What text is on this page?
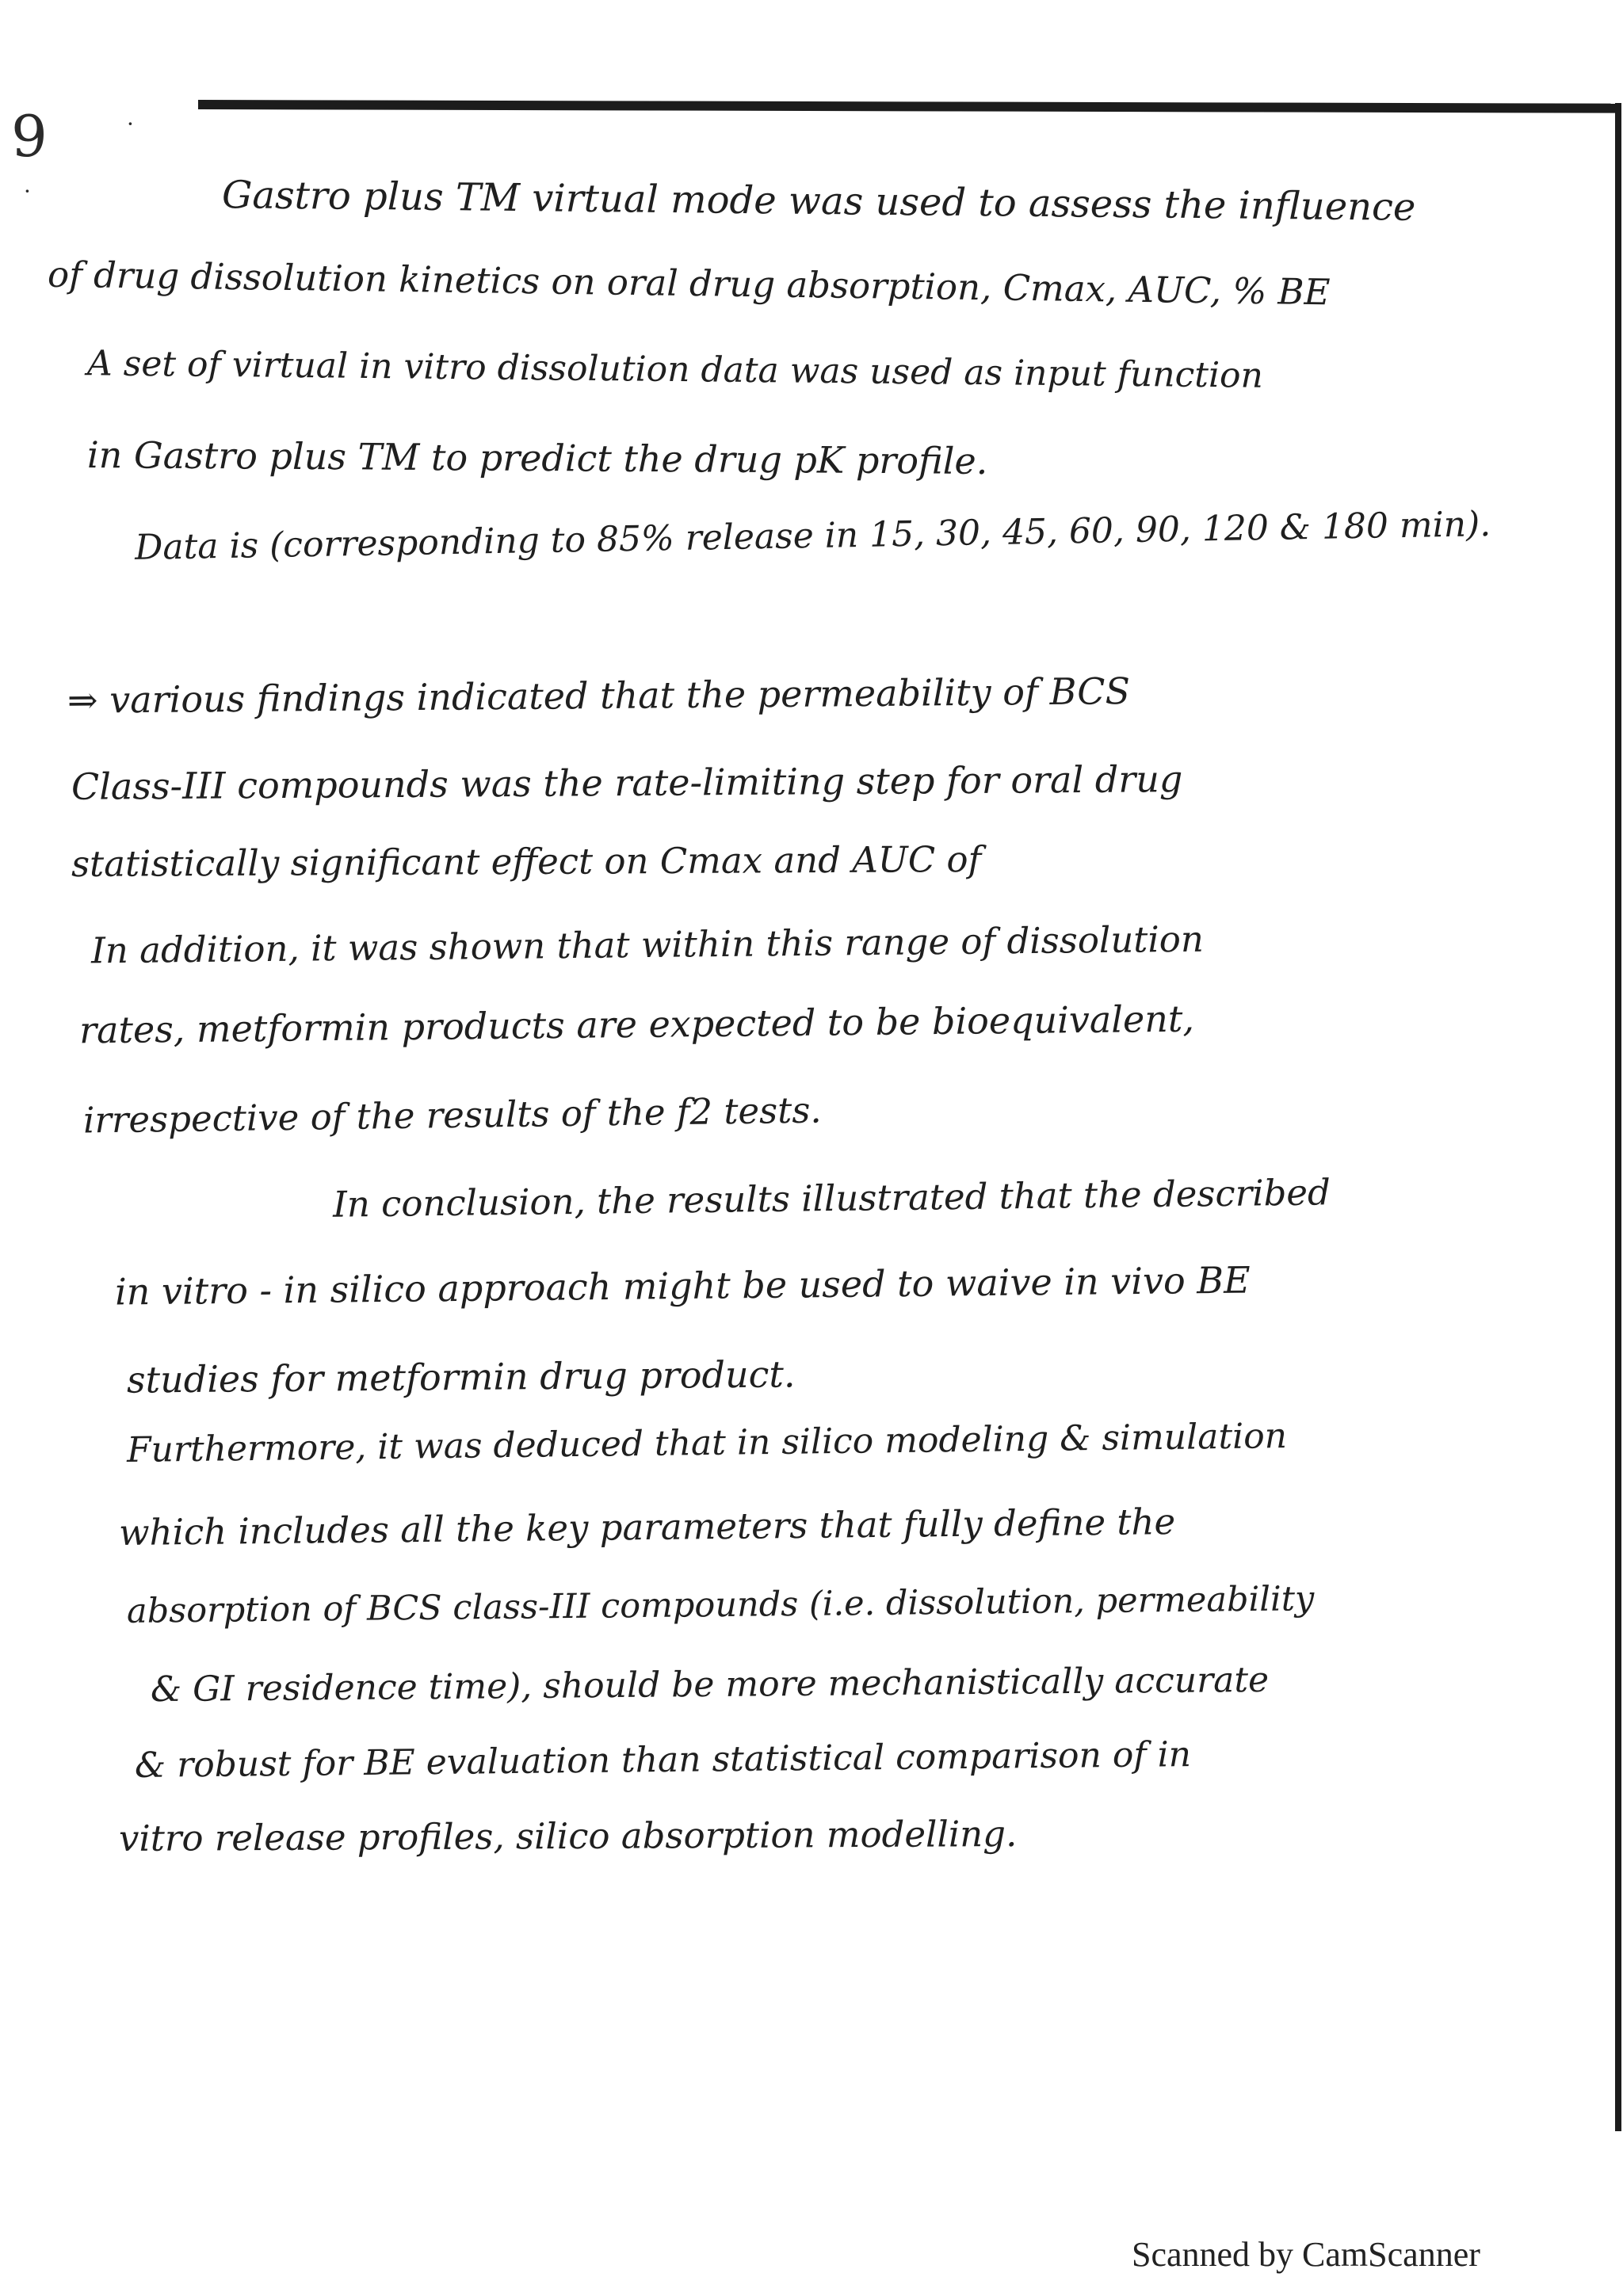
9	·
·	Gastro plus TM virtual mode was used to assess the influence
of drug dissolution kinetics on oral drug absorption, Cmax, AUC, % BE
A set of virtual in vitro dissolution data was used as input function
in Gastro plus TM to predict the drug pK profile.
Data is (corresponding to 85% release in 15, 30, 45, 60, 90, 120 & 180 min).
⇒ various findings indicated that the permeability of BCS
Class-III compounds was the rate-limiting step for oral drug
statistically significant effect on Cmax and AUC of
In addition, it was shown that within this range of dissolution
rates, metformin products are expected to be bioequivalent,
irrespective of the results of the f2 tests.
In conclusion, the results illustrated that the described
in vitro - in silico approach might be used to waive in vivo BE
studies for metformin drug product.
Furthermore, it was deduced that in silico modeling & simulation
which includes all the key parameters that fully define the
absorption of BCS class-III compounds (i.e. dissolution, permeability
& GI residence time), should be more mechanistically accurate
& robust for BE evaluation than statistical comparison of in
vitro release profiles, silico absorption modelling.
Scanned by CamScanner
